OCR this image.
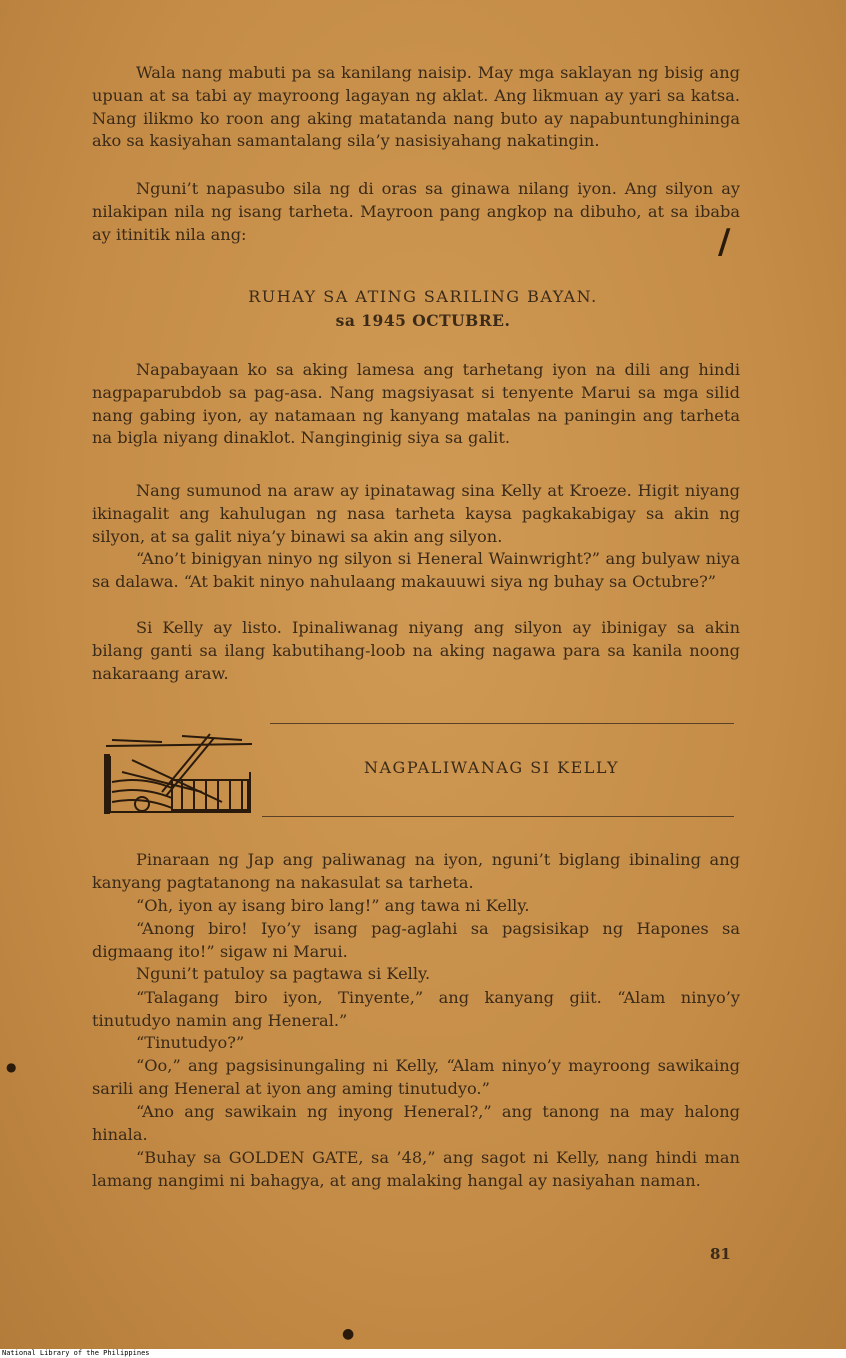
Wala nang mabuti pa sa kanilang naisip. May mga saklayan ng bisig ang upuan at sa tabi ay mayroong lagayan ng aklat. Ang likmuan ay yari sa katsa. Nang ilikmo ko roon ang aking matatanda nang buto ay napabuntunghininga ako sa kasiyahan samantalang sila’y nasisiyahang nakatingin.

Nguni’t napasubo sila ng di oras sa ginawa nilang iyon. Ang silyon ay nilakipan nila ng isang tarheta. Mayroon pang angkop na dibuho, at sa ibaba ay itinitik nila ang:	/

RUHAY SA ATING SARILING BAYAN.

sa 1945 OCTUBRE.

Napabayaan ko sa aking lamesa ang tarhetang iyon na dili ang hindi nagpaparubdob sa pag-asa. Nang magsiyasat si tenyente Marui sa mga silid nang gabing iyon, ay natamaan ng kanyang matalas na paningin ang tarheta na bigla niyang dinaklot. Nanginginig siya sa galit.

Nang sumunod na araw ay ipinatawag sina Kelly at Kroeze. Higit niyang ikinagalit ang kahulugan ng nasa tarheta kaysa pagkakabigay sa akin ng silyon, at sa galit niya’y binawi sa akin ang silyon.

“Ano’t binigyan ninyo ng silyon si Heneral Wainwright?” ang bulyaw niya sa dalawa. “At bakit ninyo nahulaang makauuwi siya ng buhay sa Octubre?”

Si Kelly ay listo. Ipinaliwanag niyang ang silyon ay ibinigay sa akin bilang ganti sa ilang kabutihang-loob na aking nagawa para sa kanila noong nakaraang araw.

NAGPALIWANAG SI KELLY

Pinaraan ng Jap ang paliwanag na iyon, nguni’t biglang ibinaling ang kanyang pagtatanong na nakasulat sa tarheta.

“Oh, iyon ay isang biro lang!” ang tawa ni Kelly.

“Anong biro! Iyo’y isang pag-aglahi sa pagsisikap ng Hapones sa digmaang ito!” sigaw ni Marui.

Nguni’t patuloy sa pagtawa si Kelly.

“Talagang biro iyon, Tinyente,” ang kanyang giit. “Alam ninyo’y tinutudyo namin ang Heneral.”

“Tinutudyo?”

“Oo,” ang pagsisinungaling ni Kelly, “Alam ninyo’y mayroong sawikaing sarili ang Heneral at iyon ang aming tinutudyo.”

“Ano ang sawikain ng inyong Heneral?,” ang tanong na may halong hinala.

“Buhay sa GOLDEN GATE, sa ’48,” ang sagot ni Kelly, nang hindi man lamang nangimi ni bahagya, at ang malaking hangal ay nasiyahan naman.

●
●
81
National Library of the Philippines
